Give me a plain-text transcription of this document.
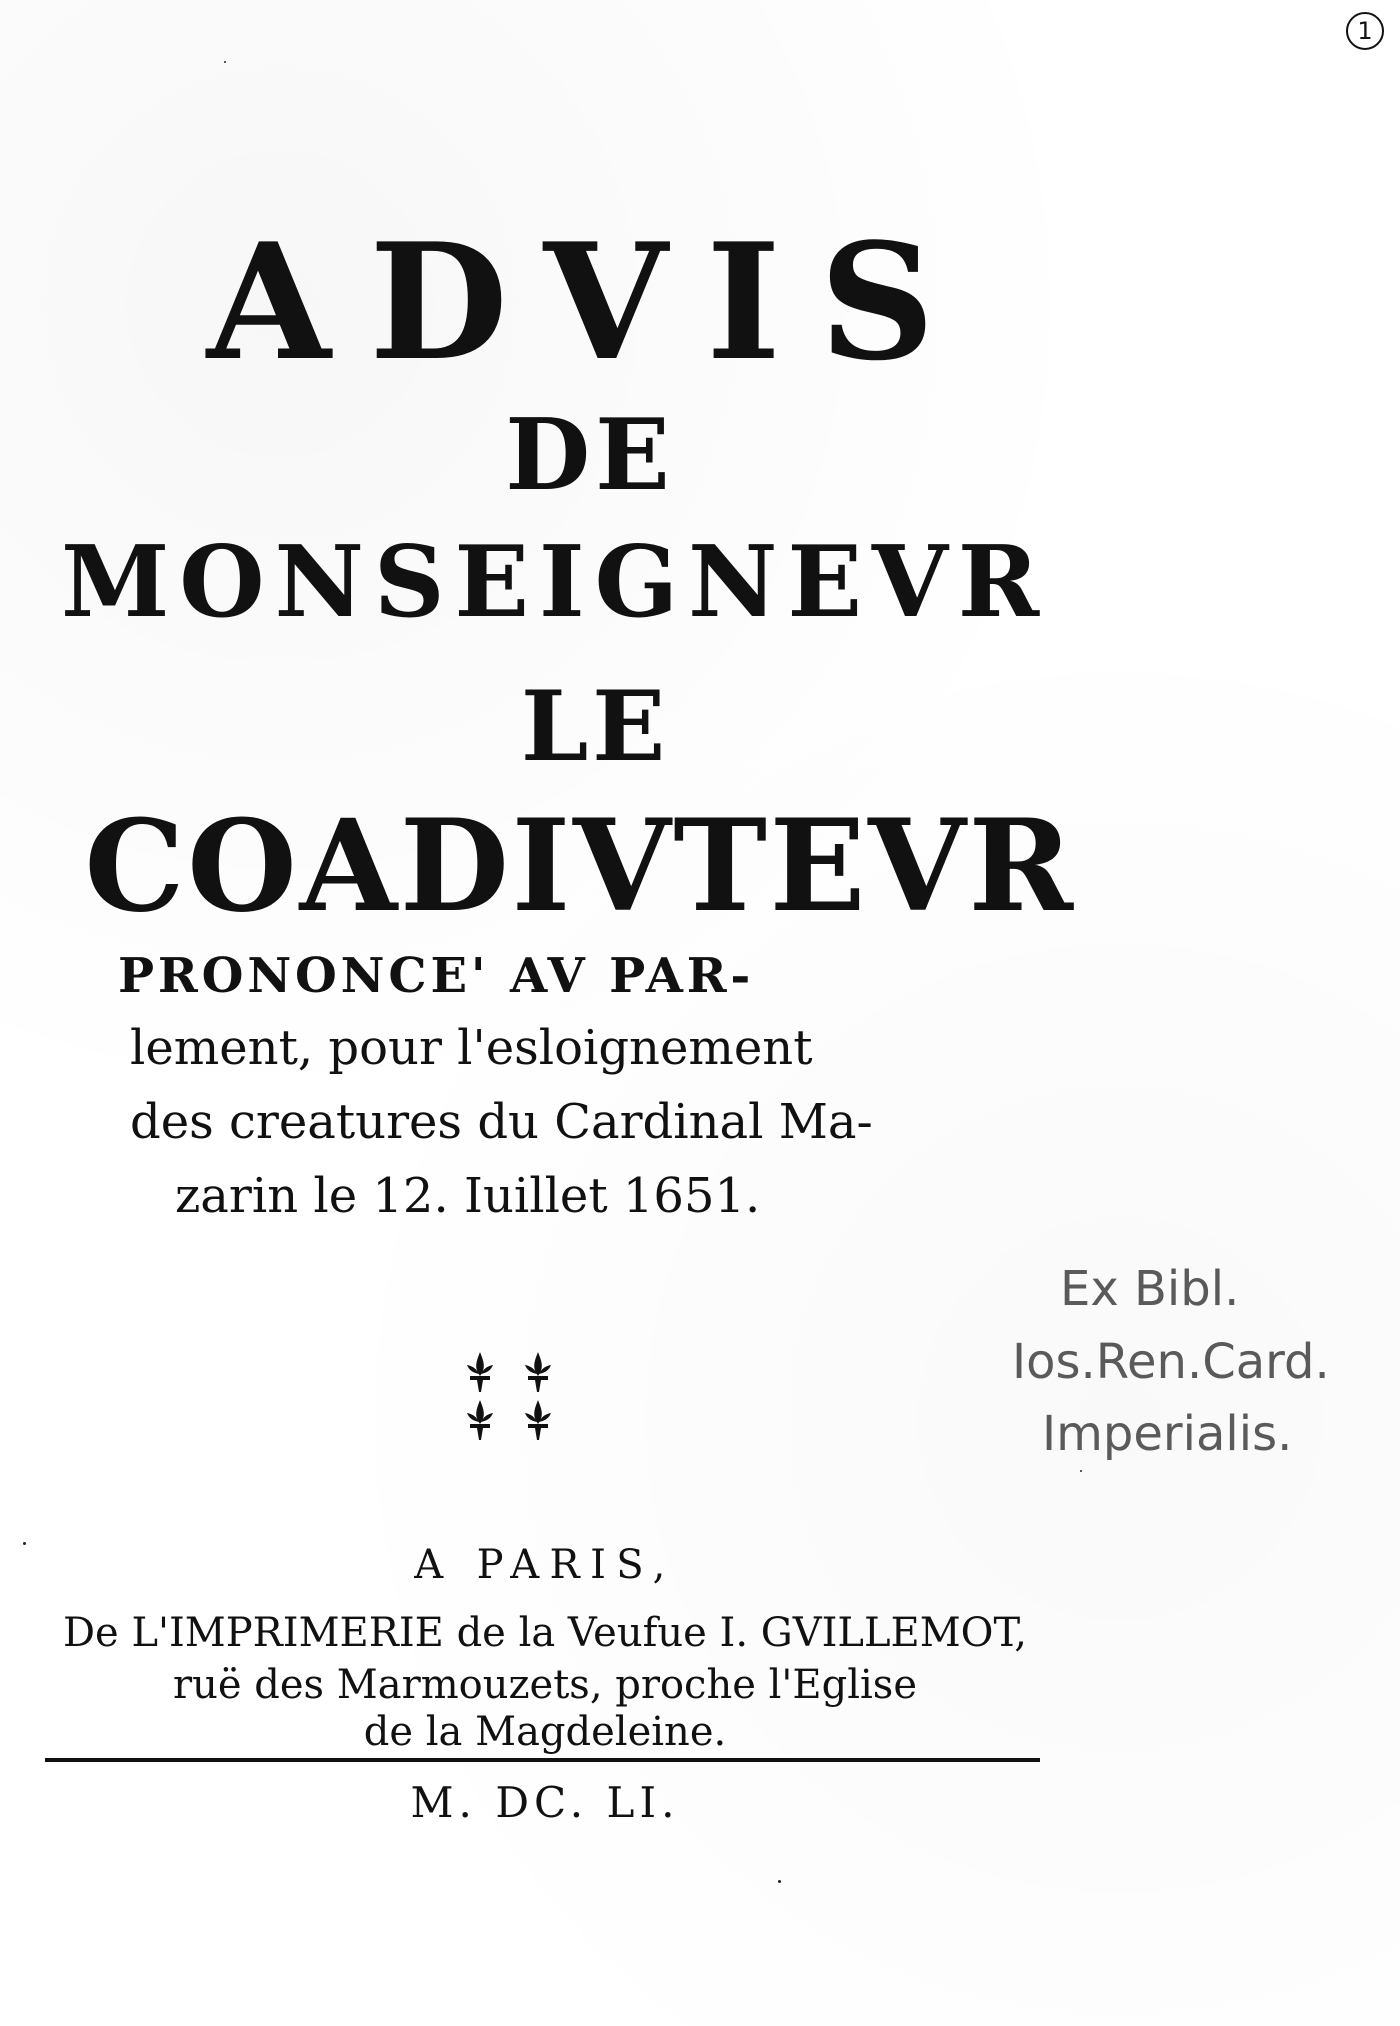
1
ADVIS
DE
MONSEIGNEVR
LE
COADIVTEVR
PRONONCE' AV PAR-
lement, pour l'esloignement
des creatures du Cardinal Ma-
zarin le 12. Iuillet 1651.
Ex Bibl.
Ios.Ren.Card.
Imperialis.
A PARIS,
De L'IMPRIMERIE de la Veufue I. GVILLEMOT,
ruë des Marmouzets, proche l'Eglise
de la Magdeleine.
M. DC. LI.
